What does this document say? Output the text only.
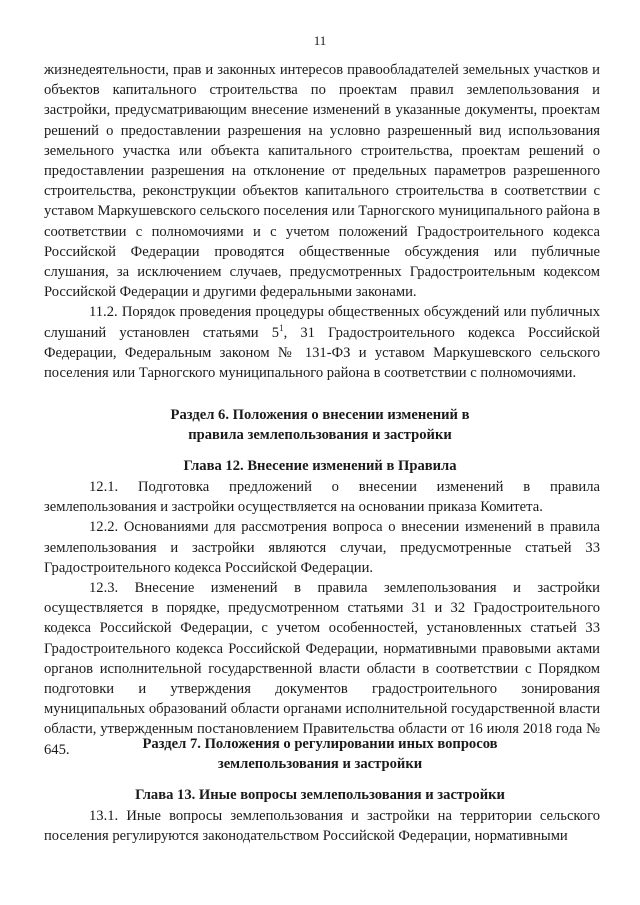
11

жизнедеятельности, прав и законных интересов правообладателей земельных участков и объектов капитального строительства по проектам правил землепользования и застройки, предусматривающим внесение изменений в указанные документы, проектам решений о предоставлении разрешения на условно разрешенный вид использования земельного участка или объекта капитального строительства, проектам решений о предоставлении разрешения на отклонение от предельных параметров разрешенного строительства, реконструкции объектов капитального строительства в соответствии с уставом Маркушевского сельского поселения или Тарногского муниципального района в соответствии с полномочиями и с учетом положений Градостроительного кодекса Российской Федерации проводятся общественные обсуждения или публичные слушания, за исключением случаев, предусмотренных Градостроительным кодексом Российской Федерации и другими федеральными законами.

11.2. Порядок проведения процедуры общественных обсуждений или публичных слушаний установлен статьями $5^1$, 31 Градостроительного кодекса Российской Федерации, Федеральным законом № 131-ФЗ и уставом Маркушевского сельского поселения или Тарногского муниципального района в соответствии с полномочиями.

Раздел 6. Положения о внесении изменений в
правила землепользования и застройки
Глава 12. Внесение изменений в Правила

12.1. Подготовка предложений о внесении изменений в правила землепользования и застройки осуществляется на основании приказа Комитета.

12.2. Основаниями для рассмотрения вопроса о внесении изменений в правила землепользования и застройки являются случаи, предусмотренные статьей 33 Градостроительного кодекса Российской Федерации.

12.3. Внесение изменений в правила землепользования и застройки осуществляется в порядке, предусмотренном статьями 31 и 32 Градостроительного кодекса Российской Федерации, с учетом особенностей, установленных статьей 33 Градостроительного кодекса Российской Федерации, нормативными правовыми актами органов исполнительной государственной власти области в соответствии с Порядком подготовки и утверждения документов градостроительного зонирования муниципальных образований области органами исполнительной государственной власти области, утвержденным постановлением Правительства области от 16 июля 2018 года № 645.	Раздел 7. Положения о регулировании иных вопросов
землепользования и застройки
Глава 13. Иные вопросы землепользования и застройки

13.1. Иные вопросы землепользования и застройки на территории сельского поселения регулируются законодательством Российской Федерации, нормативными
